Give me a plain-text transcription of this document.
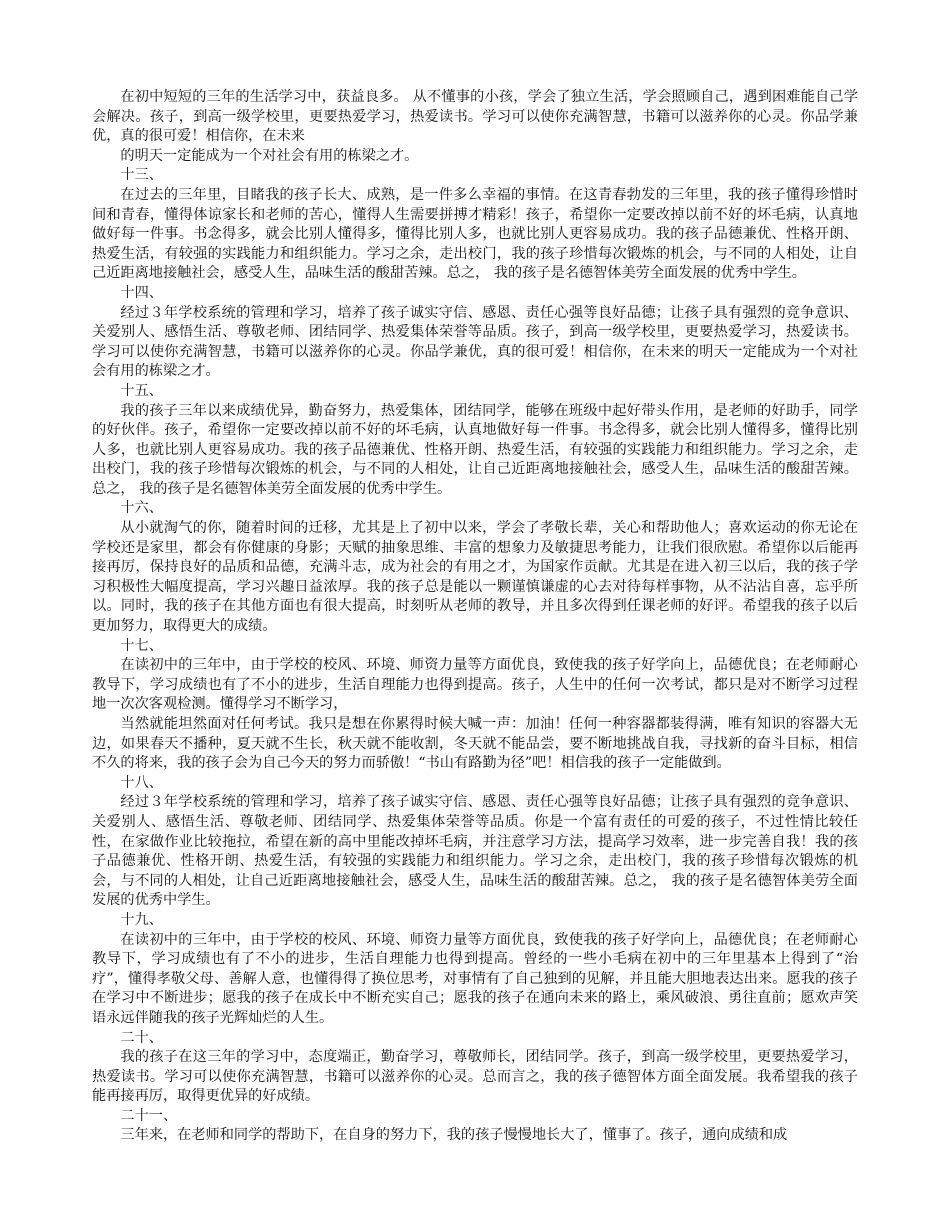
在初中短短的三年的生活学习中，获益良多。 从不懂事的小孩，学会了独立生活，学会照顾自己，遇到困难能自己学会解决。孩子，到高一级学校里，更要热爱学习，热爱读书。学习可以使你充满智慧，书籍可以滋养你的心灵。你品学兼优，真的很可爱！相信你，在未来

的明天一定能成为一个对社会有用的栋梁之才。

十三、

在过去的三年里，目睹我的孩子长大、成熟，是一件多么幸福的事情。在这青春勃发的三年里，我的孩子懂得珍惜时间和青春，懂得体谅家长和老师的苦心，懂得人生需要拼搏才精彩！孩子，希望你一定要改掉以前不好的坏毛病，认真地做好每一件事。书念得多，就会比别人懂得多，懂得比别人多，也就比别人更容易成功。我的孩子品德兼优、性格开朗、热爱生活，有较强的实践能力和组织能力。学习之余，走出校门，我的孩子珍惜每次锻炼的机会，与不同的人相处，让自己近距离地接触社会，感受人生，品味生活的酸甜苦辣。总之， 我的孩子是名德智体美劳全面发展的优秀中学生。

十四、

经过３年学校系统的管理和学习，培养了孩子诚实守信、感恩、责任心强等良好品德；让孩子具有强烈的竞争意识、关爱别人、感悟生活、尊敬老师、团结同学、热爱集体荣誉等品质。孩子，到高一级学校里，更要热爱学习，热爱读书。学习可以使你充满智慧，书籍可以滋养你的心灵。你品学兼优，真的很可爱！相信你，在未来的明天一定能成为一个对社会有用的栋梁之才。

十五、

我的孩子三年以来成绩优异，勤奋努力，热爱集体，团结同学，能够在班级中起好带头作用，是老师的好助手，同学的好伙伴。孩子，希望你一定要改掉以前不好的坏毛病，认真地做好每一件事。书念得多，就会比别人懂得多，懂得比别人多，也就比别人更容易成功。我的孩子品德兼优、性格开朗、热爱生活，有较强的实践能力和组织能力。学习之余，走出校门，我的孩子珍惜每次锻炼的机会，与不同的人相处，让自己近距离地接触社会，感受人生，品味生活的酸甜苦辣。总之， 我的孩子是名德智体美劳全面发展的优秀中学生。

十六、

从小就淘气的你，随着时间的迁移，尤其是上了初中以来，学会了孝敬长辈，关心和帮助他人；喜欢运动的你无论在学校还是家里，都会有你健康的身影；天赋的抽象思维、丰富的想象力及敏捷思考能力，让我们很欣慰。希望你以后能再接再厉，保持良好的品质和品德，充满斗志，成为社会的有用之才，为国家作贡献。尤其是在进入初三以后，我的孩子学习积极性大幅度提高，学习兴趣日益浓厚。我的孩子总是能以一颗谨慎谦虚的心去对待每样事物，从不沾沾自喜，忘乎所以。同时，我的孩子在其他方面也有很大提高，时刻听从老师的教导，并且多次得到任课老师的好评。希望我的孩子以后更加努力，取得更大的成绩。

十七、

在读初中的三年中，由于学校的校风、环境、师资力量等方面优良，致使我的孩子好学向上，品德优良；在老师耐心教导下，学习成绩也有了不小的进步，生活自理能力也得到提高。孩子，人生中的任何一次考试，都只是对不断学习过程地一次次客观检测。懂得学习不断学习，

当然就能坦然面对任何考试。我只是想在你累得时候大喊一声：加油！任何一种容器都装得满，唯有知识的容器大无边，如果春天不播种，夏天就不生长，秋天就不能收割，冬天就不能品尝，要不断地挑战自我，寻找新的奋斗目标，相信不久的将来，我的孩子会为自己今天的努力而骄傲！“书山有路勤为径”吧！相信我的孩子一定能做到。

十八、

经过３年学校系统的管理和学习，培养了孩子诚实守信、感恩、责任心强等良好品德；让孩子具有强烈的竞争意识、关爱别人、感悟生活、尊敬老师、团结同学、热爱集体荣誉等品质。你是一个富有责任的可爱的孩子，不过性情比较任性，在家做作业比较拖拉，希望在新的高中里能改掉坏毛病，并注意学习方法，提高学习效率，进一步完善自我！我的孩子品德兼优、性格开朗、热爱生活，有较强的实践能力和组织能力。学习之余，走出校门，我的孩子珍惜每次锻炼的机会，与不同的人相处，让自己近距离地接触社会，感受人生，品味生活的酸甜苦辣。总之， 我的孩子是名德智体美劳全面发展的优秀中学生。

十九、

在读初中的三年中，由于学校的校风、环境、师资力量等方面优良，致使我的孩子好学向上，品德优良；在老师耐心教导下，学习成绩也有了不小的进步，生活自理能力也得到提高。曾经的一些小毛病在初中的三年里基本上得到了“治疗”，懂得孝敬父母、善解人意，也懂得得了换位思考，对事情有了自己独到的见解，并且能大胆地表达出来。愿我的孩子在学习中不断进步；愿我的孩子在成长中不断充实自己；愿我的孩子在通向未来的路上，乘风破浪、勇往直前；愿欢声笑语永远伴随我的孩子光辉灿烂的人生。

二十、

我的孩子在这三年的学习中，态度端正，勤奋学习，尊敬师长，团结同学。孩子，到高一级学校里，更要热爱学习，热爱读书。学习可以使你充满智慧，书籍可以滋养你的心灵。总而言之，我的孩子德智体方面全面发展。我希望我的孩子能再接再厉，取得更优异的好成绩。

二十一、

三年来，在老师和同学的帮助下，在自身的努力下，我的孩子慢慢地长大了，懂事了。孩子，通向成绩和成
